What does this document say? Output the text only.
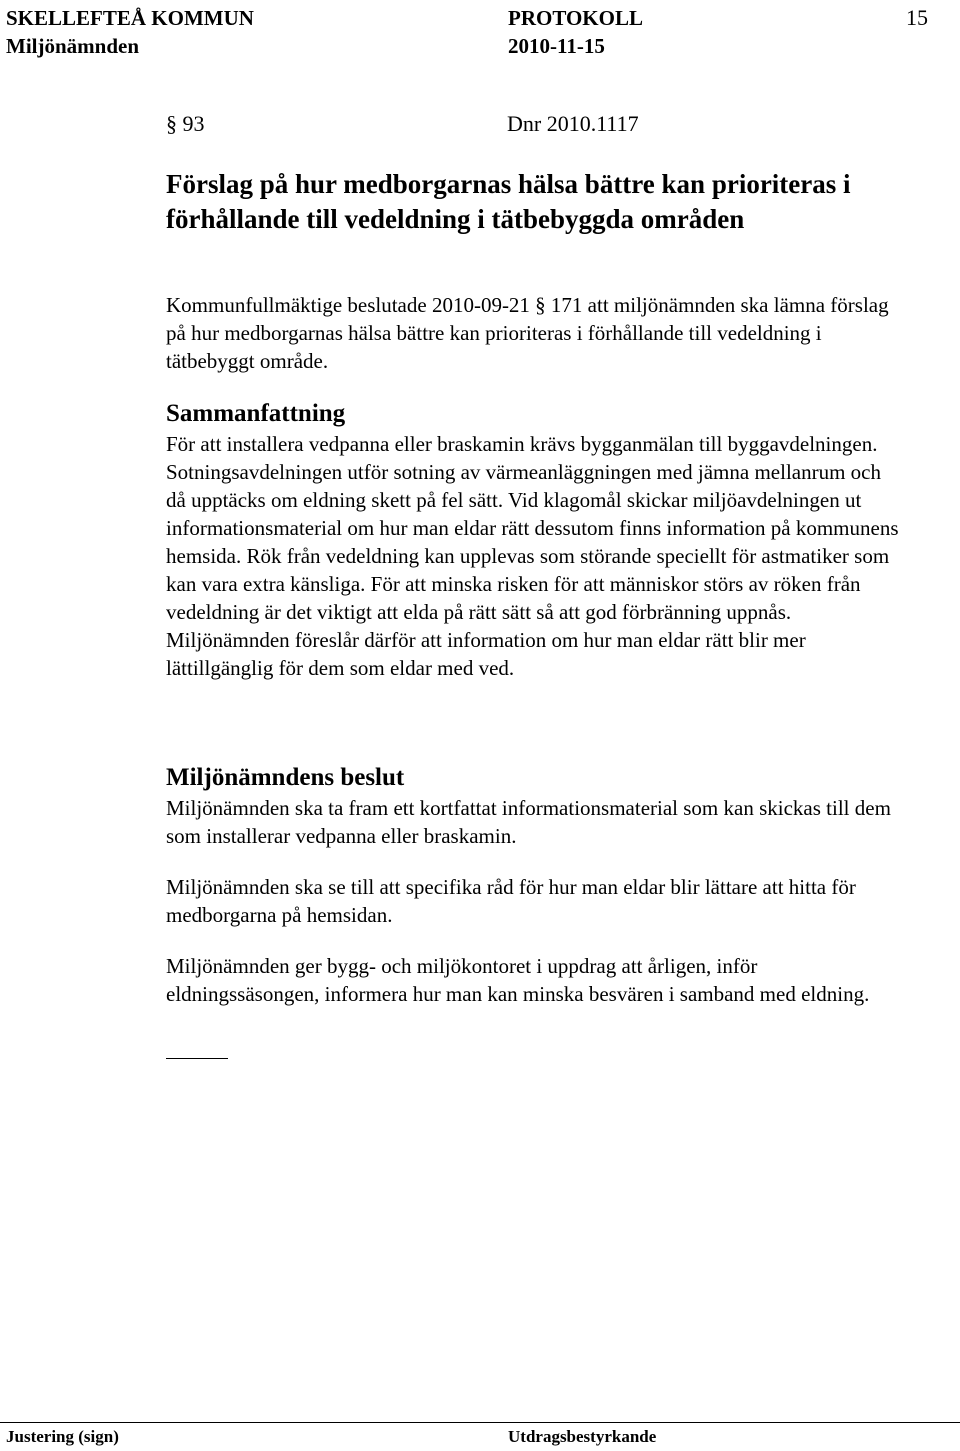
SKELLEFTEÅ KOMMUN	PROTOKOLL	15
Miljönämnden	2010-11-15
§ 93	Dnr 2010.1117
Förslag på hur medborgarnas hälsa bättre kan prioriteras i förhållande till vedeldning i tätbebyggda områden

Kommunfullmäktige beslutade 2010-09-21 § 171 att miljönämnden ska lämna förslag på hur medborgarnas hälsa bättre kan prioriteras i förhållande till vedeldning i tätbebyggt område.

Sammanfattning

För att installera vedpanna eller braskamin krävs bygganmälan till byggavdelningen. Sotningsavdelningen utför sotning av värmeanläggningen med jämna mellanrum och då upptäcks om eldning skett på fel sätt. Vid klagomål skickar miljöavdelningen ut informationsmaterial om hur man eldar rätt dessutom finns information på kommunens hemsida. Rök från vedeldning kan upplevas som störande speciellt för astmatiker som kan vara extra känsliga. För att minska risken för att människor störs av röken från vedeldning är det viktigt att elda på rätt sätt så att god förbränning uppnås. Miljönämnden föreslår därför att information om hur man eldar rätt blir mer lättillgänglig för dem som eldar med ved.

Miljönämndens beslut

Miljönämnden ska ta fram ett kortfattat informationsmaterial som kan skickas till dem som installerar vedpanna eller braskamin.

Miljönämnden ska se till att specifika råd för hur man eldar blir lättare att hitta för medborgarna på hemsidan.

Miljönämnden ger bygg- och miljökontoret i uppdrag att årligen, inför eldningssäsongen, informera hur man kan minska besvären i samband med eldning.

Justering (sign)	Utdragsbestyrkande
